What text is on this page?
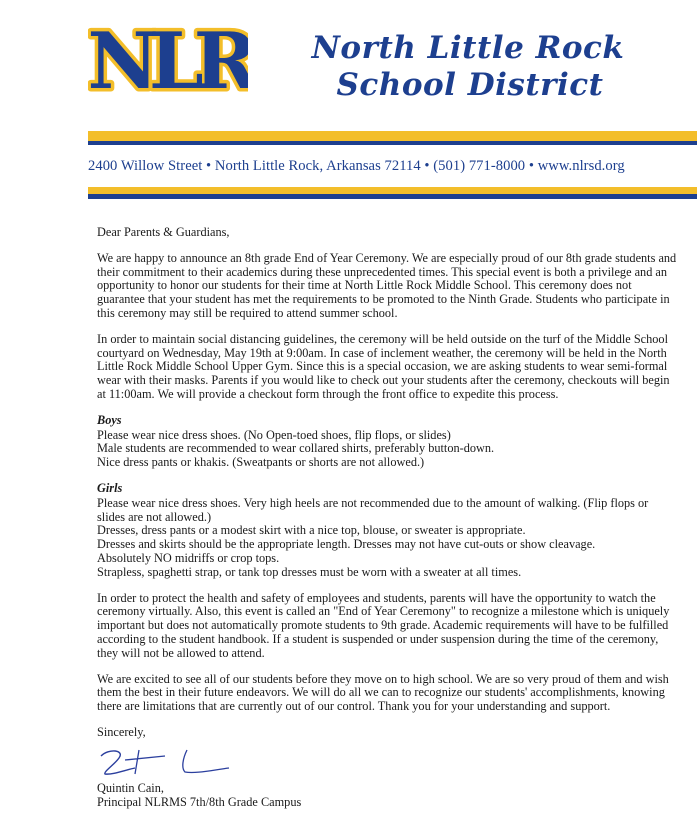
NLR	North Little Rock

School District
2400 Willow Street • North Little Rock, Arkansas 72114 • (501) 771-8000 • www.nlrsd.org

Dear Parents & Guardians,

We are happy to announce an 8th grade End of Year Ceremony. We are especially proud of our 8th grade students and
their commitment to their academics during these unprecedented times. This special event is both a privilege and an
opportunity to honor our students for their time at North Little Rock Middle School. This ceremony does not
guarantee that your student has met the requirements to be promoted to the Ninth Grade. Students who participate in
this ceremony may still be required to attend summer school.

In order to maintain social distancing guidelines, the ceremony will be held outside on the turf of the Middle School
courtyard on Wednesday, May 19th at 9:00am. In case of inclement weather, the ceremony will be held in the North
Little Rock Middle School Upper Gym. Since this is a special occasion, we are asking students to wear semi-formal
wear with their masks. Parents if you would like to check out your students after the ceremony, checkouts will begin
at 11:00am. We will provide a checkout form through the front office to expedite this process.

Boys
Please wear nice dress shoes. (No Open-toed shoes, flip flops, or slides)
Male students are recommended to wear collared shirts, preferably button-down.
Nice dress pants or khakis. (Sweatpants or shorts are not allowed.)

Girls
Please wear nice dress shoes. Very high heels are not recommended due to the amount of walking. (Flip flops or
slides are not allowed.)
Dresses, dress pants or a modest skirt with a nice top, blouse, or sweater is appropriate.
Dresses and skirts should be the appropriate length. Dresses may not have cut-outs or show cleavage.
Absolutely NO midriffs or crop tops.
Strapless, spaghetti strap, or tank top dresses must be worn with a sweater at all times.

In order to protect the health and safety of employees and students, parents will have the opportunity to watch the
ceremony virtually. Also, this event is called an "End of Year Ceremony" to recognize a milestone which is uniquely
important but does not automatically promote students to 9th grade. Academic requirements will have to be fulfilled
according to the student handbook. If a student is suspended or under suspension during the time of the ceremony,
they will not be allowed to attend.

We are excited to see all of our students before they move on to high school. We are so very proud of them and wish
them the best in their future endeavors. We will do all we can to recognize our students' accomplishments, knowing
there are limitations that are currently out of our control. Thank you for your understanding and support.

Sincerely,

Quintin Cain,
Principal NLRMS 7th/8th Grade Campus
